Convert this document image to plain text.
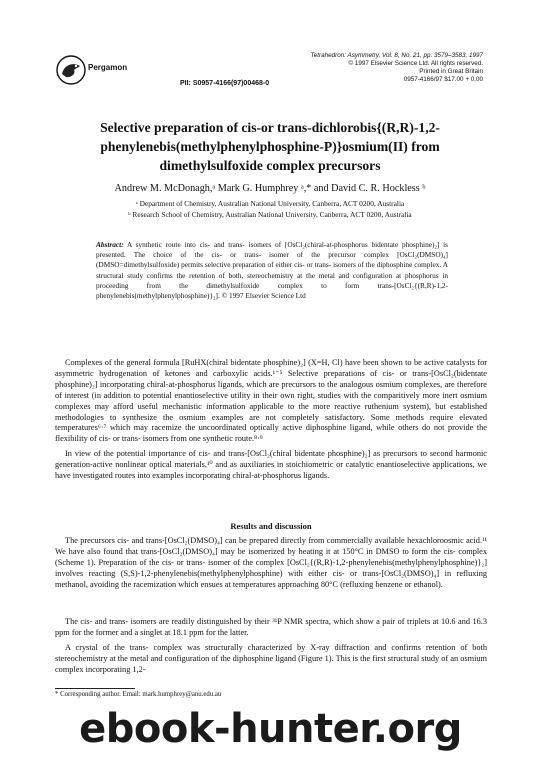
Pergamon
PII: S0957-4166(97)00468-0
Tetrahedron: Asymmetry, Vol. 8, No. 21, pp. 3579–3583, 1997
© 1997 Elsevier Science Ltd. All rights reserved.
Printed in Great Britain
0957-4166/97 $17.00 + 0.00
Selective preparation of cis-or trans-dichlorobis{(R,R)-1,2-
phenylenebis(methylphenylphosphine-P)}osmium(II) from
dimethylsulfoxide complex precursors
Andrew M. McDonagh,ᵃ Mark G. Humphrey ᵃ,* and David C. R. Hockless ᵇ
ᵃ Department of Chemistry, Australian National University, Canberra, ACT 0200, Australia
ᵇ Research School of Chemistry, Australian National University, Canberra, ACT 0200, Australia
Abstract: A synthetic route into cis- and trans- isomers of [OsCl₂(chiral-at-phosphorus bidentate phosphine)₂] is presented. The choice of the cis- or trans- isomer of the precursor complex [OsCl₂(DMSO)₄] (DMSO=dimethylsulfoxide) permits selective preparation of either cis- or trans- isomers of the diphosphine complex. A structural study confirms the retention of both, stereochemistry at the metal and configuration at phosphorus in proceeding from the dimethylsulfoxide complex to form trans-[OsCl₂{(R,R)-1,2-phenylenebis(methylphenylphosphine)}₂]. © 1997 Elsevier Science Ltd
Complexes of the general formula [RuHX(chiral bidentate phosphine)₂] (X=H, Cl) have been shown to be active catalysts for asymmetric hydrogenation of ketones and carboxylic acids.¹⁻⁵ Selective preparations of cis- or trans-[OsCl₂(bidentate phosphine)₂] incorporating chiral-at-phosphorus ligands, which are precursors to the analogous osmium complexes, are therefore of interest (in addition to potential enantioselective utility in their own right, studies with the comparitively more inert osmium complexes may afford useful mechanistic information applicable to the more reactive ruthenium system), but established methodologies to synthesize the osmium examples are not completely satisfactory. Some methods require elevated temperatures⁶·⁷ which may racemize the uncoordinated optically active diphosphine ligand, while others do not provide the flexibility of cis- or trans- isomers from one synthetic route.⁸·⁹
In view of the potential importance of cis- and trans-[OsCl₂(chiral bidentate phosphine)₂] as precursors to second harmonic generation-active nonlinear optical materials,¹⁰ and as auxiliaries in stoichiometric or catalytic enantioselective applications, we have investigated routes into examples incorporating chiral-at-phosphorus ligands.
Results and discussion
The precursors cis- and trans-[OsCl₂(DMSO)₄] can be prepared directly from commercially available hexachloroosmic acid.¹¹ We have also found that trans-[OsCl₂(DMSO)₄] may be isomerized by heating it at 150°C in DMSO to form the cis- complex (Scheme 1). Preparation of the cis- or trans- isomer of the complex [OsCl₂{(R,R)-1,2-phenylenebis(methylphenylphosphine)}₂] involves reacting (S,S)-1,2-phenylenebis(methylphenylphosphine) with either cis- or trans-[OsCl₂(DMSO)₄] in refluxing methanol, avoiding the racemization which ensues at temperatures approaching 80°C (refluxing benzene or ethanol).
The cis- and trans- isomers are readily distinguished by their ³¹P NMR spectra, which show a pair of triplets at 10.6 and 16.3 ppm for the former and a singlet at 18.1 ppm for the latter.
A crystal of the trans- complex was structurally characterized by X-ray diffraction and confirms retention of both stereochemistry at the metal and configuration of the diphosphine ligand (Figure 1). This is the first structural study of an osmium complex incorporating 1,2-
* Corresponding author. Email: mark.humphrey@anu.edu.au
ebook-hunter.org
